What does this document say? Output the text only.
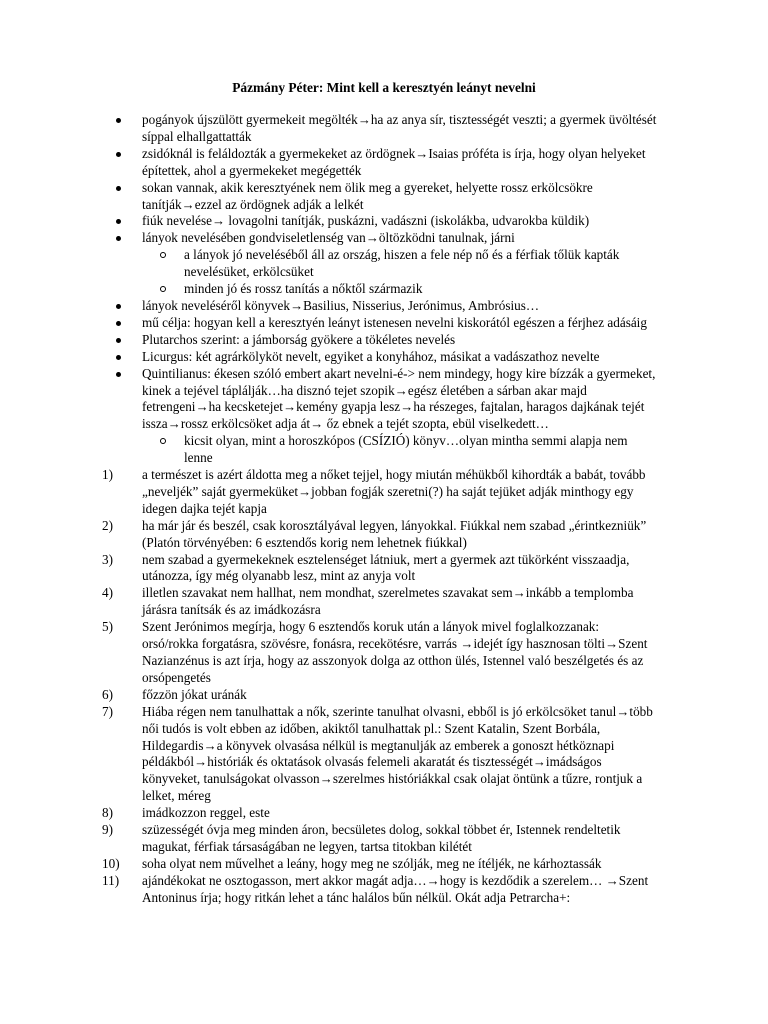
Pázmány Péter: Mint kell a keresztyén leányt nevelni
pogányok újszülött gyermekeit megölték→ha az anya sír, tisztességét veszti; a gyermek üvöltését síppal elhallgattatták
zsidóknál is feláldozták a gyermekeket az ördögnek→Isaias próféta is írja, hogy olyan helyeket építettek, ahol a gyermekeket megégették
sokan vannak, akik keresztyének nem ölik meg a gyereket, helyette rossz erkölcsökre tanítják→ezzel az ördögnek adják a lelkét
fiúk nevelése→ lovagolni tanítják, puskázni, vadászni (iskolákba, udvarokba küldik)
lányok nevelésében gondviseletlenség van→öltözködni tanulnak, járni
a lányok jó neveléséből áll az ország, hiszen a fele nép nő és a férfiak tőlük kapták nevelésüket, erkölcsüket
minden jó és rossz tanítás a nőktől származik
lányok neveléséről könyvek→Basilius, Nisserius, Jerónimus, Ambrósius…
mű célja: hogyan kell a keresztyén leányt istenesen nevelni kiskorától egészen a férjhez adásáig
Plutarchos szerint: a jámborság gyökere a tökéletes nevelés
Licurgus: két agrárkölyköt nevelt, egyiket a konyhához, másikat a vadászathoz nevelte
Quintilianus: ékesen szóló embert akart nevelni-é-> nem mindegy, hogy kire bízzák a gyermeket, kinek a tejével táplálják…ha disznó tejet szopik→egész életében a sárban akar majd fetrengeni→ha kecsketejet→kemény gyapja lesz→ha részeges, fajtalan, haragos dajkának tejét issza→rossz erkölcsöket adja át→ őz ebnek a tejét szopta, ebül viselkedett…
kicsit olyan, mint a horoszkópos (CSÍZIÓ) könyv…olyan mintha semmi alapja nem lenne
1)	a természet is azért áldotta meg a nőket tejjel, hogy miután méhükből kihordták a babát, tovább „neveljék” saját gyermeküket→jobban fogják szeretni(?) ha saját tejüket adják minthogy egy idegen dajka tejét kapja
2)	ha már jár és beszél, csak korosztályával legyen, lányokkal. Fiúkkal nem szabad „érintkezniük” (Platón törvényében: 6 esztendős korig nem lehetnek fiúkkal)
3)	nem szabad a gyermekeknek esztelenséget látniuk, mert a gyermek azt tükörként visszaadja, utánozza, így még olyanabb lesz, mint az anyja volt
4)	illetlen szavakat nem hallhat, nem mondhat, szerelmetes szavakat sem→inkább a templomba járásra tanítsák és az imádkozásra
5)	Szent Jerónimos megírja, hogy 6 esztendős koruk után a lányok mivel foglalkozzanak: orsó/rokka forgatásra, szövésre, fonásra, recekötésre, varrás →idejét így hasznosan tölti→Szent Nazianzénus is azt írja, hogy az asszonyok dolga az otthon ülés, Istennel való beszélgetés és az orsópengetés
6)	főzzön jókat uránák
7)	Hiába régen nem tanulhattak a nők, szerinte tanulhat olvasni, ebből is jó erkölcsöket tanul→több női tudós is volt ebben az időben, akiktől tanulhattak pl.: Szent Katalin, Szent Borbála, Hildegardis→a könyvek olvasása nélkül is megtanulják az emberek a gonoszt hétköznapi példákból→históriák és oktatások olvasás felemeli akaratát és tisztességét→imádságos könyveket, tanulságokat olvasson→szerelmes históriákkal csak olajat öntünk a tűzre, rontjuk a lelket, méreg
8)	imádkozzon reggel, este
9)	szüzességét óvja meg minden áron, becsületes dolog, sokkal többet ér, Istennek rendeltetik magukat, férfiak társaságában ne legyen, tartsa titokban kilétét
10)	soha olyat nem művelhet a leány, hogy meg ne szólják, meg ne ítéljék, ne kárhoztassák
11)	ajándékokat ne osztogasson, mert akkor magát adja…→hogy is kezdődik a szerelem… →Szent Antoninus írja; hogy ritkán lehet a tánc halálos bűn nélkül. Okát adja Petrarcha+:
